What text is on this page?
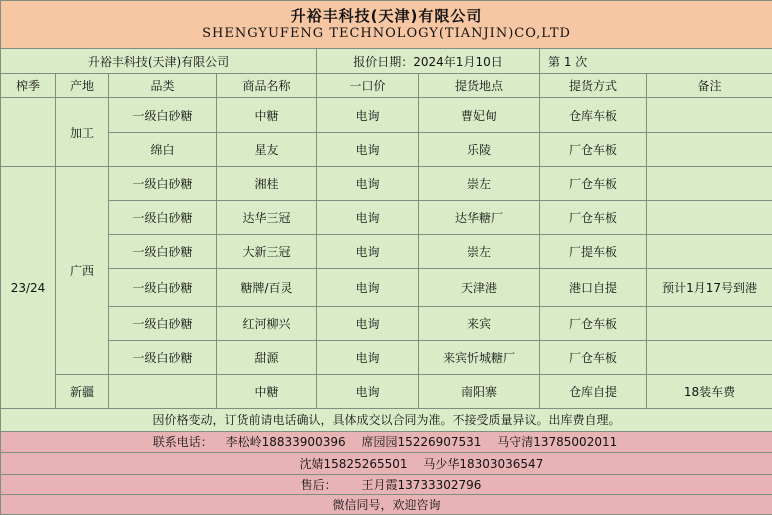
升裕丰科技(天津)有限公司
SHENGYUFENG TECHNOLOGY(TIANJIN)CO,LTD							

升裕丰科技(天津)有限公司				报价日期：2024年1月10日		第 1 次	
榨季	产地	品类	商品名称	一口价	提货地点	提货方式	备注
	加工	一级白砂糖	中糖	电询	曹妃甸	仓库车板	
		绵白	星友	电询	乐陵	厂仓车板	
23/24	广西	一级白砂糖	湘桂	电询	崇左	厂仓车板	
		一级白砂糖	达华三冠	电询	达华糖厂	厂仓车板	
		一级白砂糖	大新三冠	电询	崇左	厂提车板	
		一级白砂糖	糖牌/百灵	电询	天津港	港口自提	预计1月17号到港
		一级白砂糖	红河柳兴	电询	来宾	厂仓车板	
		一级白砂糖	甜源	电询	来宾忻城糖厂	厂仓车板	
	新疆		中糖	电询	南阳寨	仓库自提	18装车费
因价格变动，订货前请电话确认，具体成交以合同为准。不接受质量异议。出库费自理。							
联系电话： 李松岭18833900396 席园园15226907531 马守清13785002011							
沈婧15825265501 马少华18303036547							
售后： 王月霞13733302796							
微信同号，欢迎咨询							
